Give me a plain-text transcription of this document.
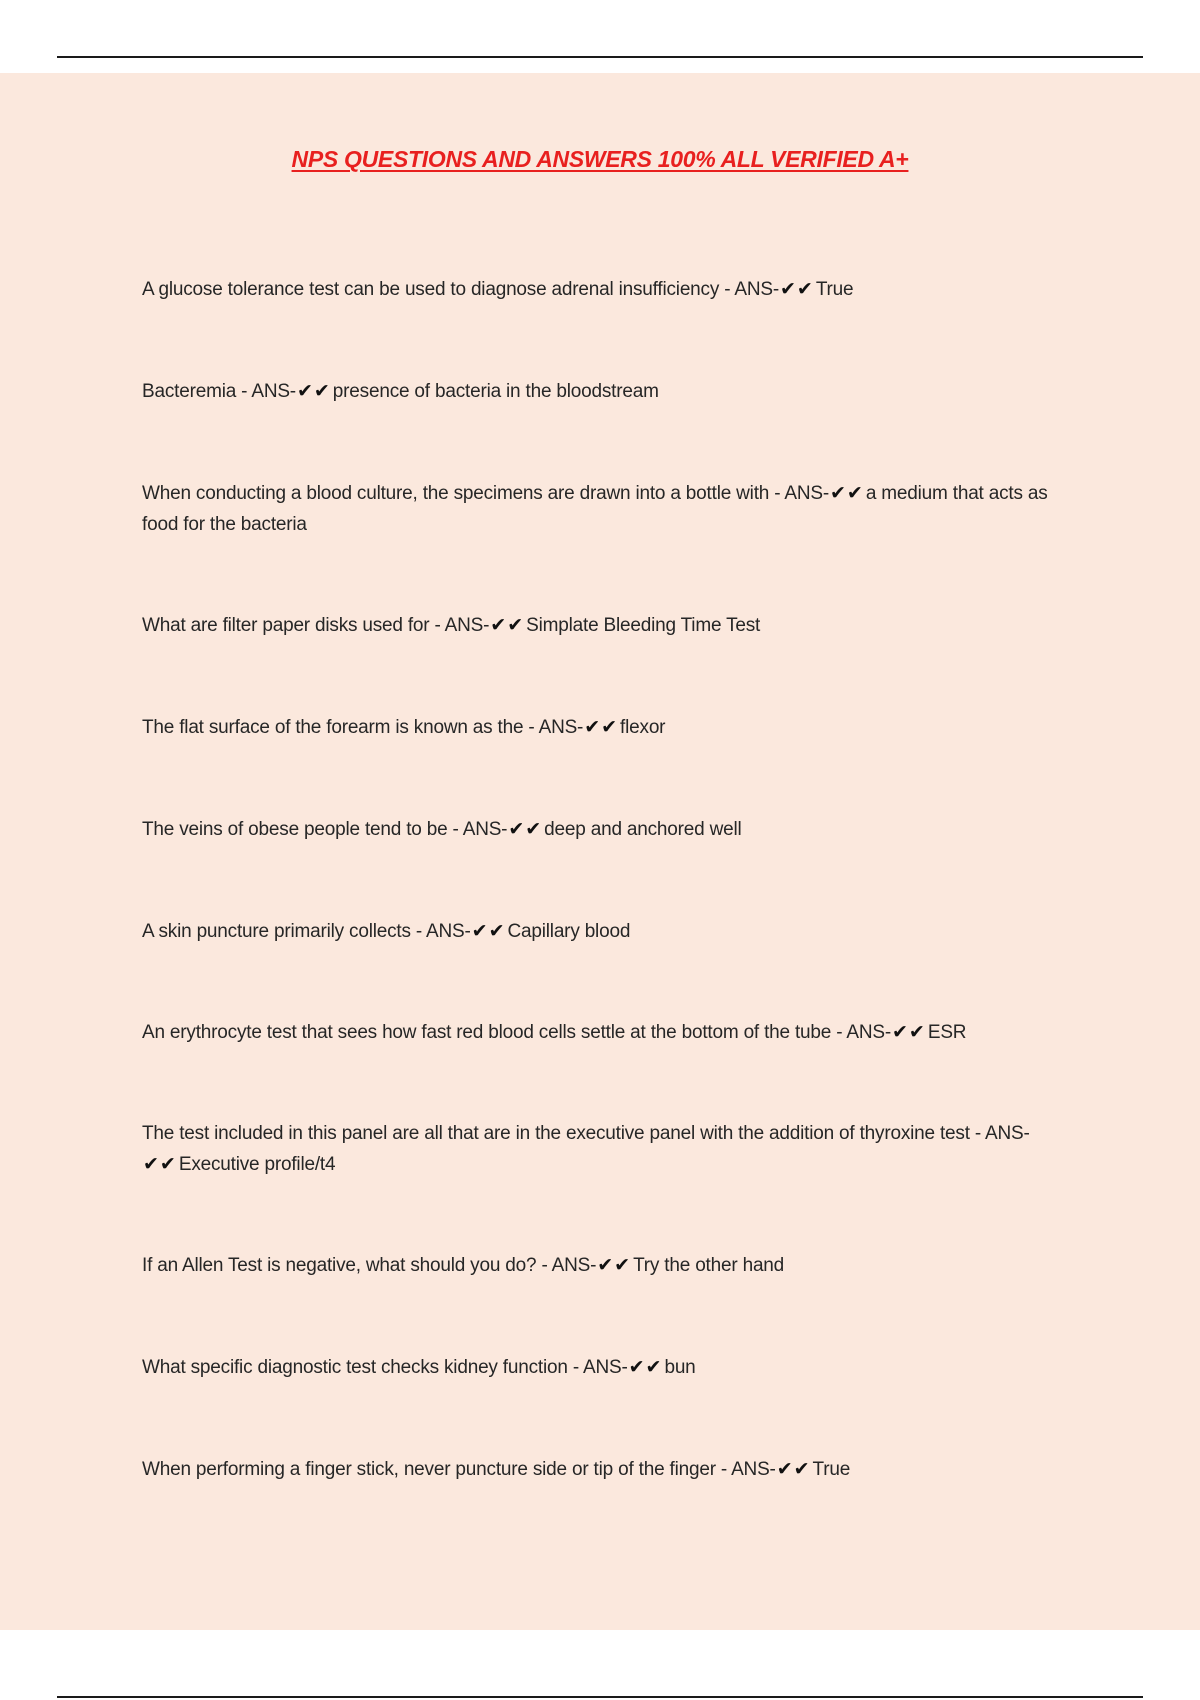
NPS QUESTIONS AND ANSWERS 100% ALL VERIFIED A+
A glucose tolerance test can be used to diagnose adrenal insufficiency - ANS-✔✔ True
Bacteremia - ANS-✔✔ presence of bacteria in the bloodstream
When conducting a blood culture, the specimens are drawn into a bottle with - ANS-✔✔ a medium that acts as food for the bacteria
What are filter paper disks used for - ANS-✔✔ Simplate Bleeding Time Test
The flat surface of the forearm is known as the - ANS-✔✔ flexor
The veins of obese people tend to be - ANS-✔✔ deep and anchored well
A skin puncture primarily collects - ANS-✔✔ Capillary blood
An erythrocyte test that sees how fast red blood cells settle at the bottom of the tube - ANS-✔✔ ESR
The test included in this panel are all that are in the executive panel with the addition of thyroxine test - ANS-✔✔ Executive profile/t4
If an Allen Test is negative, what should you do? - ANS-✔✔ Try the other hand
What specific diagnostic test checks kidney function - ANS-✔✔ bun
When performing a finger stick, never puncture side or tip of the finger - ANS-✔✔ True
